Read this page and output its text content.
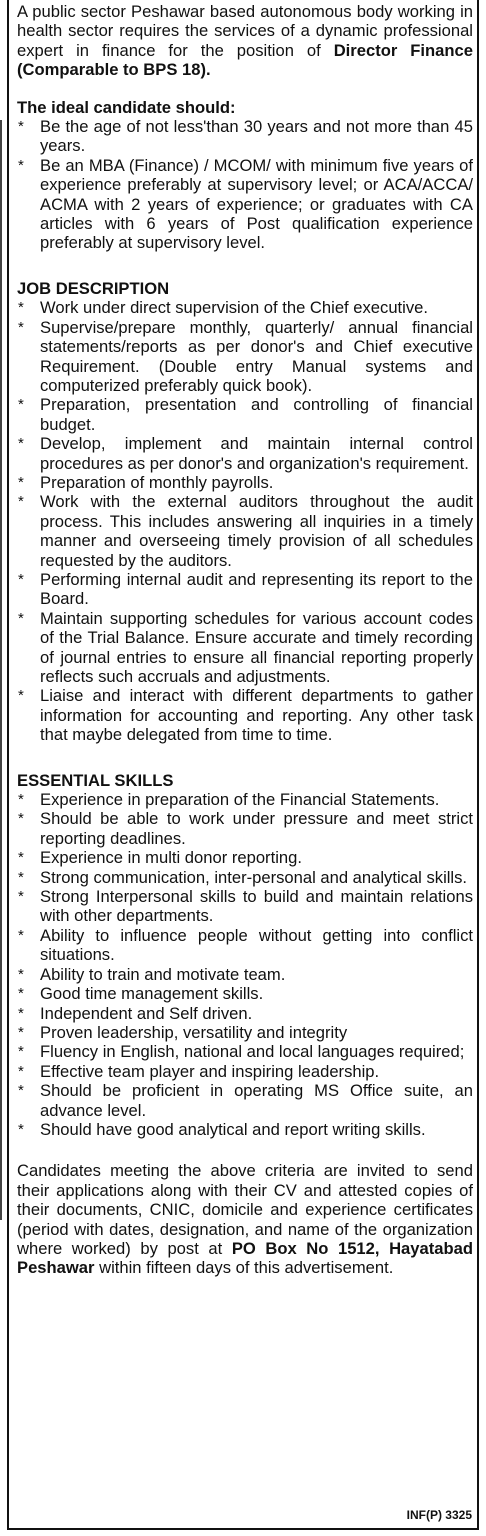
A public sector Peshawar based autonomous body working in health sector requires the services of a dynamic professional expert in finance for the position of Director Finance (Comparable to BPS 18).

The ideal candidate should:

* Be the age of not less'than 30 years and not more than 45 years.
* Be an MBA (Finance) / MCOM/ with minimum five years of experience preferably at supervisory level; or ACA/ACCA/ ACMA with 2 years of experience; or graduates with CA articles with 6 years of Post qualification experience preferably at supervisory level.

JOB DESCRIPTION

* Work under direct supervision of the Chief executive.
* Supervise/prepare monthly, quarterly/ annual financial statements/reports as per donor's and Chief executive Requirement. (Double entry Manual systems and computerized preferably quick book).
* Preparation, presentation and controlling of financial budget.
* Develop, implement and maintain internal control procedures as per donor's and organization's requirement.
* Preparation of monthly payrolls.
* Work with the external auditors throughout the audit process. This includes answering all inquiries in a timely manner and overseeing timely provision of all schedules requested by the auditors.
* Performing internal audit and representing its report to the Board.
* Maintain supporting schedules for various account codes of the Trial Balance. Ensure accurate and timely recording of journal entries to ensure all financial reporting properly reflects such accruals and adjustments.
* Liaise and interact with different departments to gather information for accounting and reporting. Any other task that maybe delegated from time to time.

ESSENTIAL SKILLS

* Experience in preparation of the Financial Statements.
* Should be able to work under pressure and meet strict reporting deadlines.
* Experience in multi donor reporting.
* Strong communication, inter-personal and analytical skills.
* Strong Interpersonal skills to build and maintain relations with other departments.
* Ability to influence people without getting into conflict situations.
* Ability to train and motivate team.
* Good time management skills.
* Independent and Self driven.
* Proven leadership, versatility and integrity
* Fluency in English, national and local languages required;
* Effective team player and inspiring leadership.
* Should be proficient in operating MS Office suite, an advance level.
* Should have good analytical and report writing skills.

Candidates meeting the above criteria are invited to send their applications along with their CV and attested copies of their documents, CNIC, domicile and experience certificates (period with dates, designation, and name of the organization where worked) by post at PO Box No 1512, Hayatabad Peshawar within fifteen days of this advertisement.

INF(P) 3325
